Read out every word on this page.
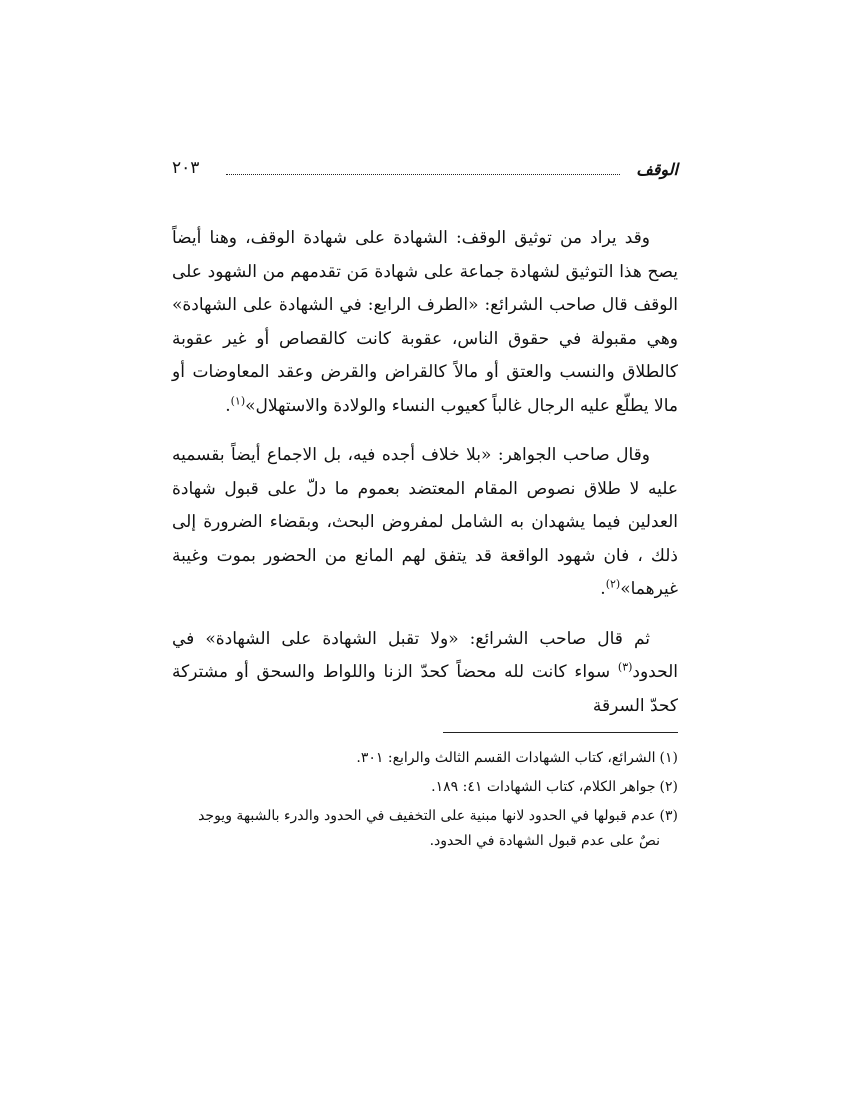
الوقف
٢٠٣

وقد يراد من توثيق الوقف: الشهادة على شهادة الوقف، وهنا أيضاً يصح هذا التوثيق لشهادة جماعة على شهادة مَن تقدمهم من الشهود على الوقف قال صاحب الشرائع: «الطرف الرابع: في الشهادة على الشهادة» وهي مقبولة في حقوق الناس، عقوبة كانت كالقصاص أو غير عقوبة كالطلاق والنسب والعتق أو مالاً كالقراض والقرض وعقد المعاوضات أو مالا يطلّع عليه الرجال غالباً كعيوب النساء والولادة والاستهلال»$^{(١)}$.

وقال صاحب الجواهر: «بلا خلاف أجده فيه، بل الاجماع أيضاً بقسميه عليه لا طلاق نصوص المقام المعتضد بعموم ما دلّ على قبول شهادة العدلين فيما يشهدان به الشامل لمفروض البحث، وبقضاء الضرورة إلى ذلك ، فان شهود الواقعة قد يتفق لهم المانع من الحضور بموت وغيبة غيرهما»$^{(٢)}$.

ثم قال صاحب الشرائع: «ولا تقبل الشهادة على الشهادة» في الحدود$^{(٣)}$ سواء كانت لله محضاً كحدّ الزنا واللواط والسحق أو مشتركة كحدّ السرقة

(١)الشرائع، كتاب الشهادات القسم الثالث والرابع: ٣٠١.
(٢)جواهر الكلام، كتاب الشهادات ٤١: ١٨٩.
(٣)عدم قبولها في الحدود لانها مبنية على التخفيف في الحدود والدرء بالشبهة ويوجد
نصٌ على عدم قبول الشهادة في الحدود.
